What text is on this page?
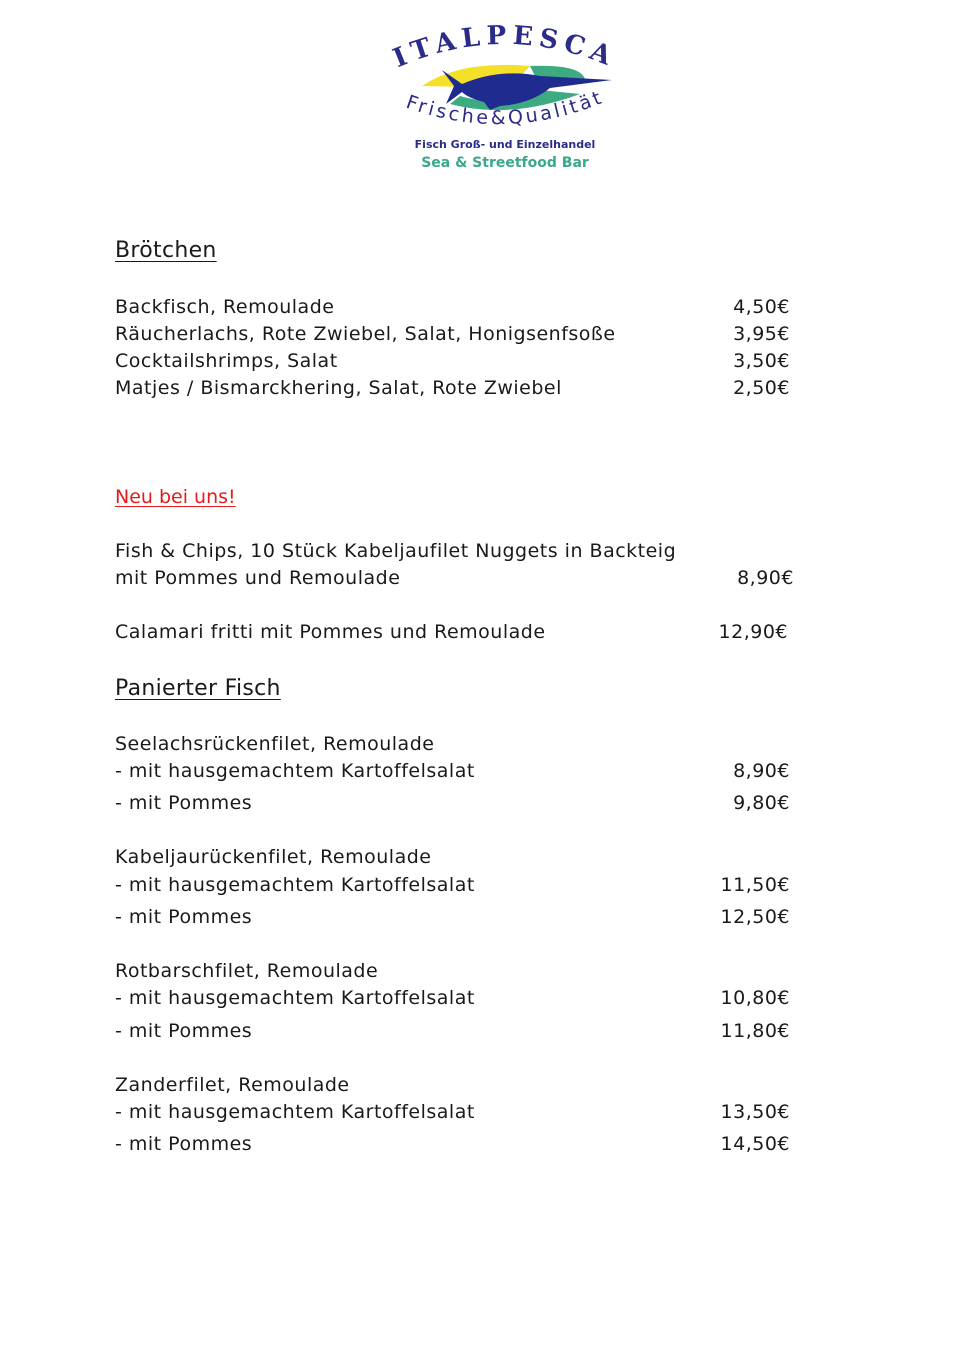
ITALPESCA
Frische&Qualität
Fisch Groß- und Einzelhandel
Sea & Streetfood Bar
Brötchen
Backfisch, Remoulade	4,50€
Räucherlachs, Rote Zwiebel, Salat, Honigsenfsoße	3,95€
Cocktailshrimps, Salat	3,50€
Matjes / Bismarckhering, Salat, Rote Zwiebel	2,50€
Neu bei uns!
Fish & Chips, 10 Stück Kabeljaufilet Nuggets in Backteig
mit Pommes und Remoulade	8,90€
Calamari fritti mit Pommes und Remoulade	12,90€
Panierter Fisch
Seelachsrückenfilet, Remoulade
- mit hausgemachtem Kartoffelsalat	8,90€
- mit Pommes	9,80€
Kabeljaurückenfilet, Remoulade
- mit hausgemachtem Kartoffelsalat	11,50€
- mit Pommes	12,50€
Rotbarschfilet, Remoulade
- mit hausgemachtem Kartoffelsalat	10,80€
- mit Pommes	11,80€
Zanderfilet, Remoulade
- mit hausgemachtem Kartoffelsalat	13,50€
- mit Pommes	14,50€
